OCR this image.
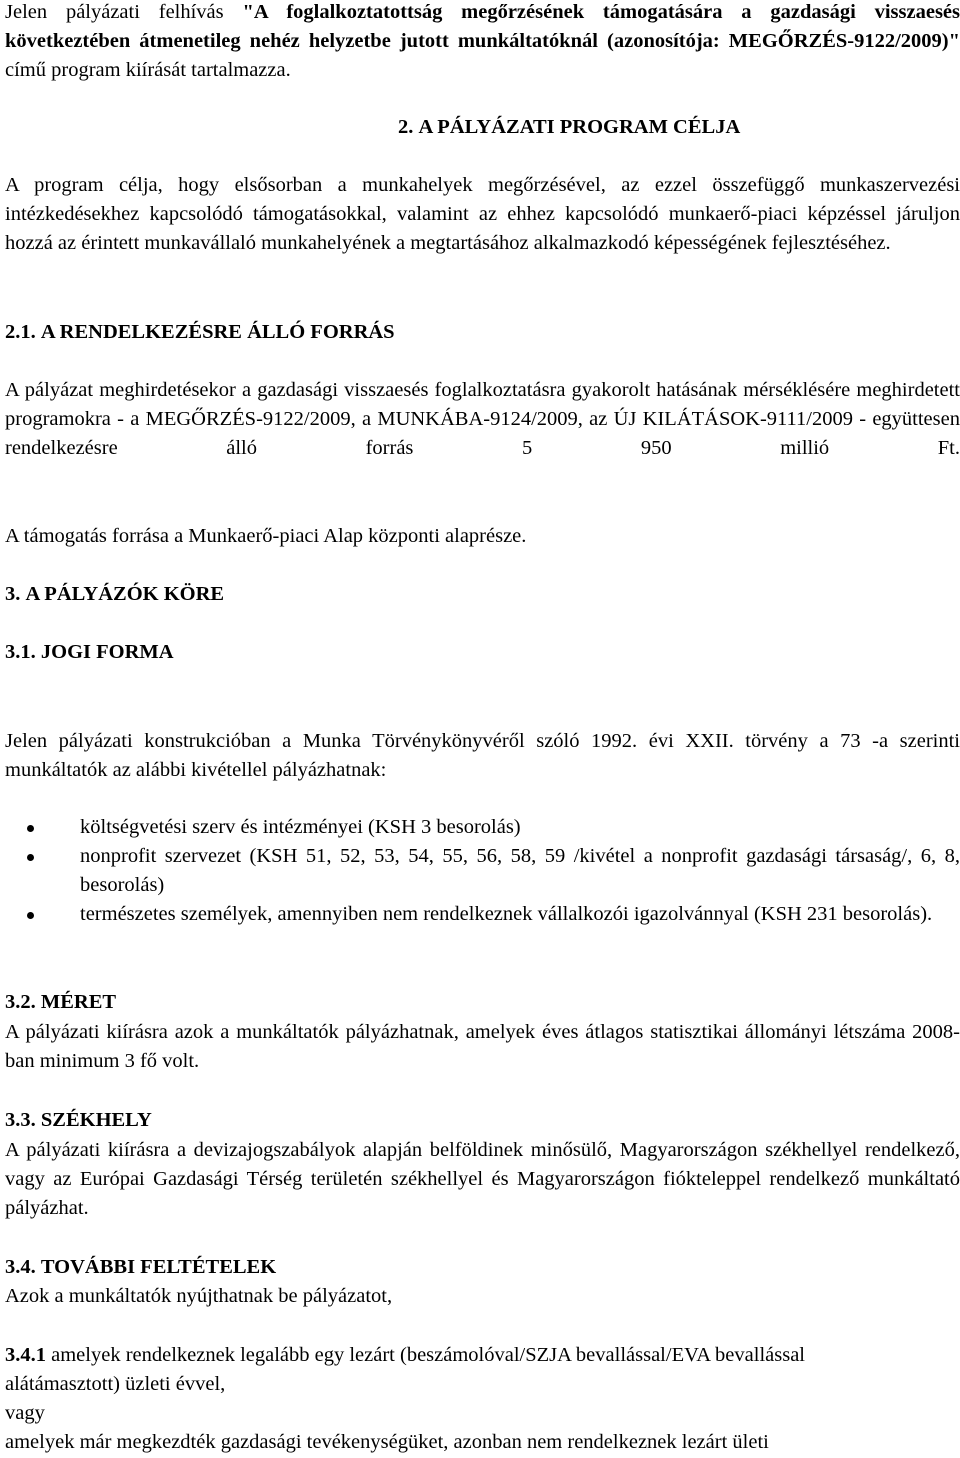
Jelen pályázati felhívás "A foglalkoztatottság megőrzésének támogatására a gazdasági visszaesés következtében átmenetileg nehéz helyzetbe jutott munkáltatóknál (azonosítója: MEGŐRZÉS-9122/2009)" című program kiírását tartalmazza.

2. A PÁLYÁZATI PROGRAM CÉLJA

A program célja, hogy elsősorban a munkahelyek megőrzésével, az ezzel összefüggő munkaszervezési intézkedésekhez kapcsolódó támogatásokkal, valamint az ehhez kapcsolódó munkaerő-piaci képzéssel járuljon hozzá az érintett munkavállaló munkahelyének a megtartásához alkalmazkodó képességének fejlesztéséhez.

2.1. A RENDELKEZÉSRE ÁLLÓ FORRÁS

A pályázat meghirdetésekor a gazdasági visszaesés foglalkoztatásra gyakorolt hatásának mérséklésére meghirdetett programokra - a MEGŐRZÉS-9122/2009, a MUNKÁBA-9124/2009, az ÚJ KILÁTÁSOK-9111/2009 - együttesen rendelkezésre álló forrás 5 950 millió Ft.

A támogatás forrása a Munkaerő-piaci Alap központi alaprésze.

3. A PÁLYÁZÓK KÖRE
3.1. JOGI FORMA

Jelen pályázati konstrukcióban a Munka Törvénykönyvéről szóló 1992. évi XXII. törvény a 73 -a szerinti munkáltatók az alábbi kivétellel pályázhatnak:

költségvetési szerv és intézményei (KSH 3 besorolás)
nonprofit szervezet (KSH 51, 52, 53, 54, 55, 56, 58, 59 /kivétel a nonprofit gazdasági társaság/, 6, 8, besorolás)
természetes személyek, amennyiben nem rendelkeznek vállalkozói igazolvánnyal (KSH 231 besorolás).
3.2. MÉRET

A pályázati kiírásra azok a munkáltatók pályázhatnak, amelyek éves átlagos statisztikai állományi létszáma 2008-ban minimum 3 fő volt.

3.3. SZÉKHELY

A pályázati kiírásra a devizajogszabályok alapján belföldinek minősülő, Magyarországon székhellyel rendelkező, vagy az Európai Gazdasági Térség területén székhellyel és Magyarországon fiókteleppel rendelkező munkáltató pályázhat.

3.4. TOVÁBBI FELTÉTELEK

Azok a munkáltatók nyújthatnak be pályázatot,

3.4.1 amelyek rendelkeznek legalább egy lezárt (beszámolóval/SZJA bevallással/EVA bevallással alátámasztott) üzleti évvel,

vagy

amelyek már megkezdték gazdasági tevékenységüket, azonban nem rendelkeznek lezárt ületi
